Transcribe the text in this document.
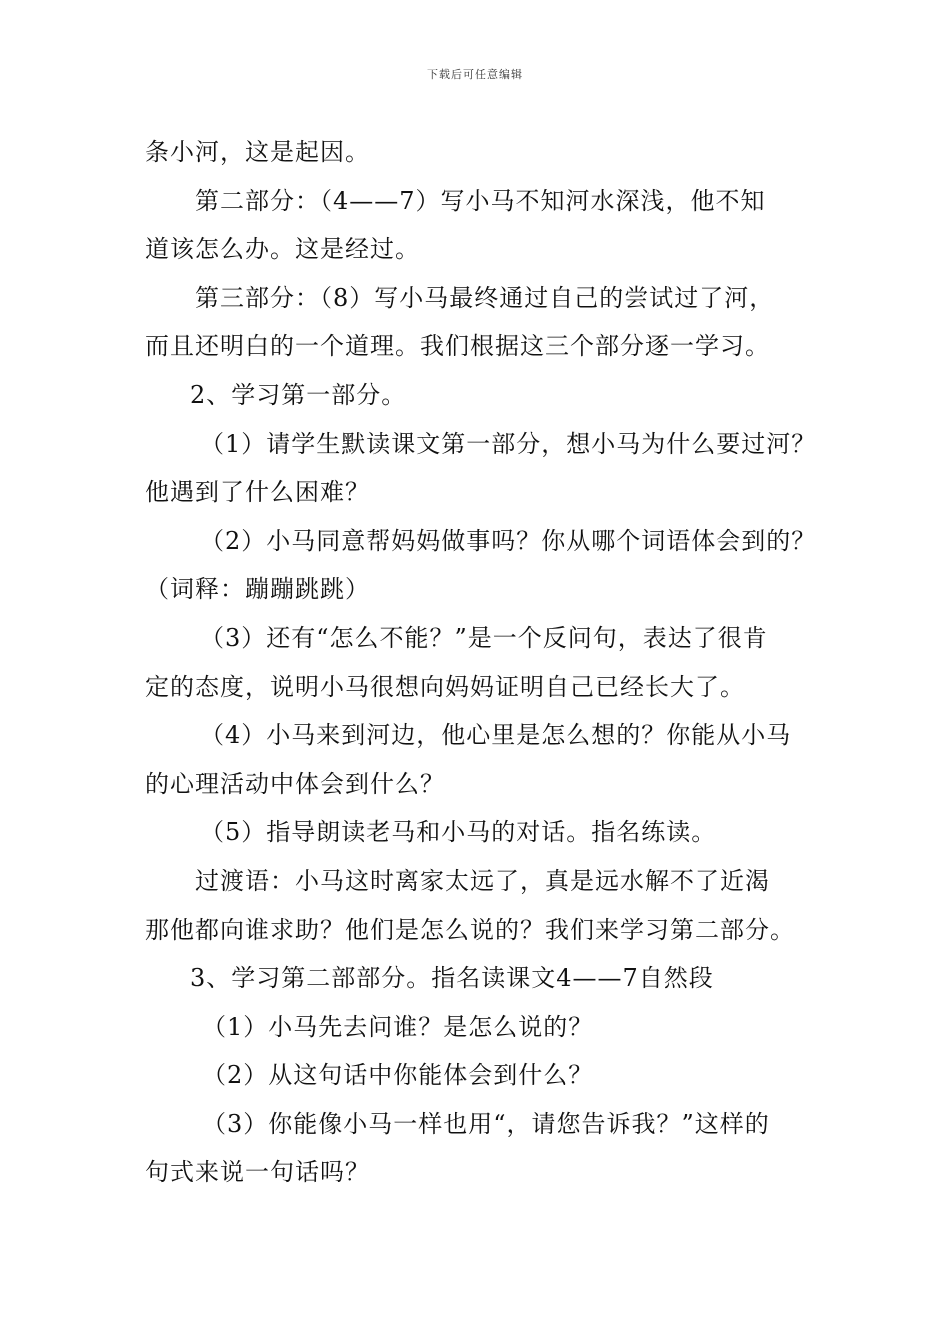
下载后可任意编辑
条小河，这是起因。
第二部分：（4——7）写小马不知河水深浅，他不知
道该怎么办。这是经过。
第三部分：（8）写小马最终通过自己的尝试过了河，
而且还明白的一个道理。我们根据这三个部分逐一学习。
2、学习第一部分。
（1）请学生默读课文第一部分，想小马为什么要过河？
他遇到了什么困难？
（2）小马同意帮妈妈做事吗？你从哪个词语体会到的？
（词释：蹦蹦跳跳）
（3）还有“怎么不能？”是一个反问句，表达了很肯
定的态度，说明小马很想向妈妈证明自己已经长大了。
（4）小马来到河边，他心里是怎么想的？你能从小马
的心理活动中体会到什么？
（5）指导朗读老马和小马的对话。指名练读。
过渡语：小马这时离家太远了，真是远水解不了近渴
那他都向谁求助？他们是怎么说的？我们来学习第二部分。
3、学习第二部部分。指名读课文4——7自然段
（1）小马先去问谁？是怎么说的？
（2）从这句话中你能体会到什么？
（3）你能像小马一样也用“，请您告诉我？”这样的
句式来说一句话吗？
